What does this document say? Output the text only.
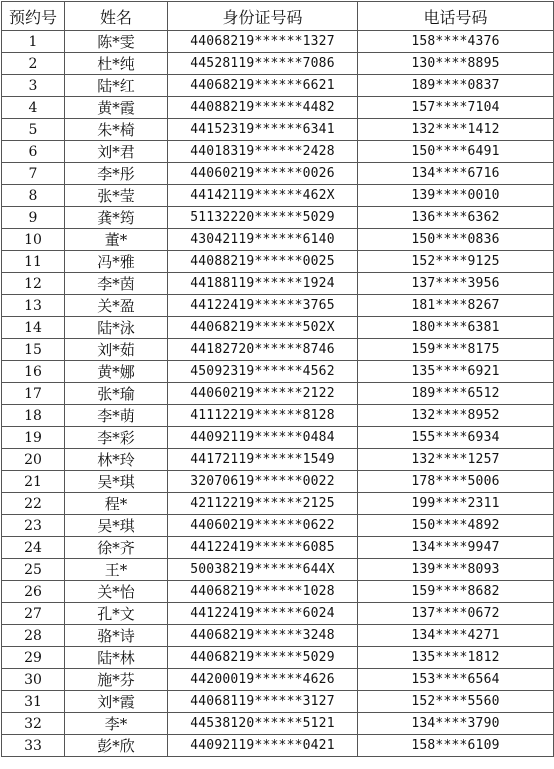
预约号	姓名	身份证号码	电话号码
1	陈*雯	44068219******1327	158****4376
2	杜*纯	44528119******7086	130****8895
3	陆*红	44068219******6621	189****0837
4	黄*霞	44088219******4482	157****7104
5	朱*椅	44152319******6341	132****1412
6	刘*君	44018319******2428	150****6491
7	李*彤	44060219******0026	134****6716
8	张*莹	44142119******462X	139****0010
9	龚*筠	51132220******5029	136****6362
10	董*	43042119******6140	150****0836
11	冯*雅	44088219******0025	152****9125
12	李*茵	44188119******1924	137****3956
13	关*盈	44122419******3765	181****8267
14	陆*泳	44068219******502X	180****6381
15	刘*茹	44182720******8746	159****8175
16	黄*娜	45092319******4562	135****6921
17	张*瑜	44060219******2122	189****6512
18	李*萌	41112219******8128	132****8952
19	李*彩	44092119******0484	155****6934
20	林*玲	44172119******1549	132****1257
21	吴*琪	32070619******0022	178****5006
22	程*	42112219******2125	199****2311
23	吴*琪	44060219******0622	150****4892
24	徐*齐	44122419******6085	134****9947
25	王*	50038219******644X	139****8093
26	关*怡	44068219******1028	159****8682
27	孔*文	44122419******6024	137****0672
28	骆*诗	44068219******3248	134****4271
29	陆*林	44068219******5029	135****1812
30	施*芬	44200019******4626	153****6564
31	刘*霞	44068119******3127	152****5560
32	李*	44538120******5121	134****3790
33	彭*欣	44092119******0421	158****6109
